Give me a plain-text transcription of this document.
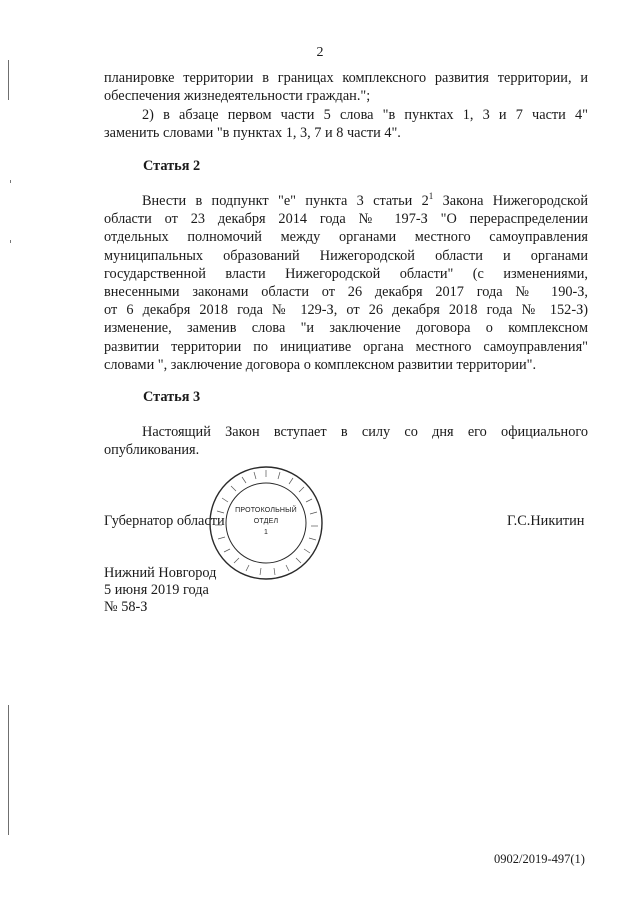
2
планировке территории в границах комплексного развития территории, и
обеспечения жизнедеятельности граждан.";
2) в абзаце первом части 5 слова "в пунктах 1, 3 и 7 части 4"
заменить словами "в пунктах 1, 3, 7 и 8 части 4".
Статья 2
Внести в подпункт "е" пункта 3 статьи $2^1$ Закона Нижегородской
области от 23 декабря 2014 года № 197-З "О перераспределении
отдельных полномочий между органами местного самоуправления
муниципальных образований Нижегородской области и органами
государственной власти Нижегородской области" (с изменениями,
внесенными законами области от 26 декабря 2017 года № 190-З,
от 6 декабря 2018 года № 129-З, от 26 декабря 2018 года № 152-З)
изменение, заменив слова "и заключение договора о комплексном
развитии территории по инициативе органа местного самоуправления"
словами ", заключение договора о комплексном развитии территории".
Статья 3
Настоящий Закон вступает в силу со дня его официального
опубликования.
Губернатор области	Г.С.Никитин
ПРОТОКОЛЬНЫЙ
ОТДЕЛ
1
Нижний Новгород
5 июня 2019 года
№ 58-З
0902/2019-497(1)
